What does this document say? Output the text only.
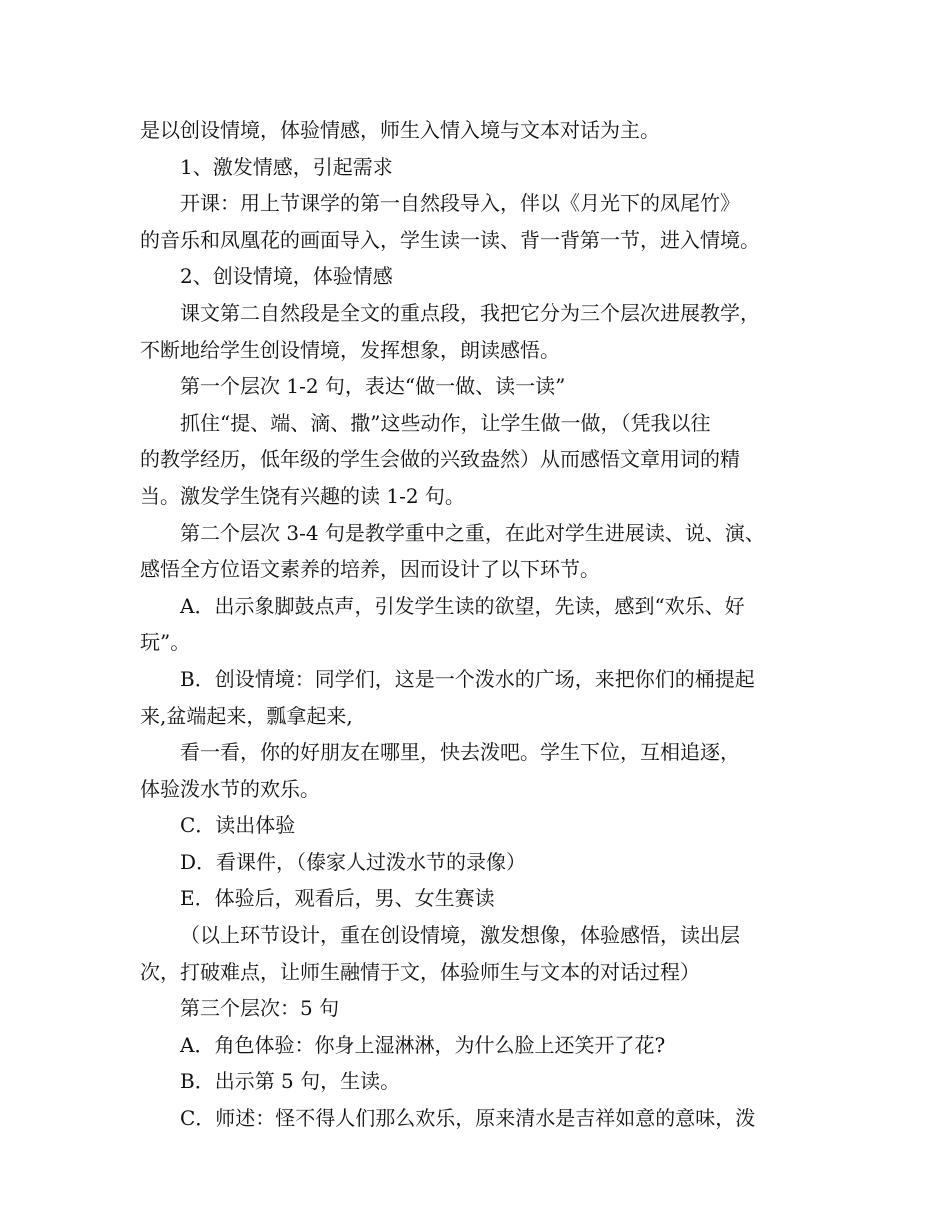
是以创设情境，体验情感，师生入情入境与文本对话为主。
1、激发情感，引起需求
开课：用上节课学的第一自然段导入，伴以《月光下的凤尾竹》
的音乐和凤凰花的画面导入，学生读一读、背一背第一节，进入情境。
2、创设情境，体验情感
课文第二自然段是全文的重点段，我把它分为三个层次进展教学，
不断地给学生创设情境，发挥想象，朗读感悟。
第一个层次 1-2 句，表达“做一做、读一读”
抓住“提、端、滴、撒”这些动作，让学生做一做，（凭我以往
的教学经历，低年级的学生会做的兴致盎然）从而感悟文章用词的精
当。激发学生饶有兴趣的读 1-2 句。
第二个层次 3-4 句是教学重中之重，在此对学生进展读、说、演、
感悟全方位语文素养的培养，因而设计了以下环节。
A．出示象脚鼓点声，引发学生读的欲望，先读，感到“欢乐、好
玩”。
B．创设情境：同学们，这是一个泼水的广场，来把你们的桶提起
来,盆端起来，瓢拿起来,
看一看，你的好朋友在哪里，快去泼吧。学生下位，互相追逐，
体验泼水节的欢乐。
C．读出体验
D．看课件，（傣家人过泼水节的录像）
E．体验后，观看后，男、女生赛读
（以上环节设计，重在创设情境，激发想像，体验感悟，读出层
次，打破难点，让师生融情于文，体验师生与文本的对话过程）
第三个层次：5 句
A．角色体验：你身上湿淋淋，为什么脸上还笑开了花?
B．出示第 5 句，生读。
C．师述：怪不得人们那么欢乐，原来清水是吉祥如意的意味，泼
